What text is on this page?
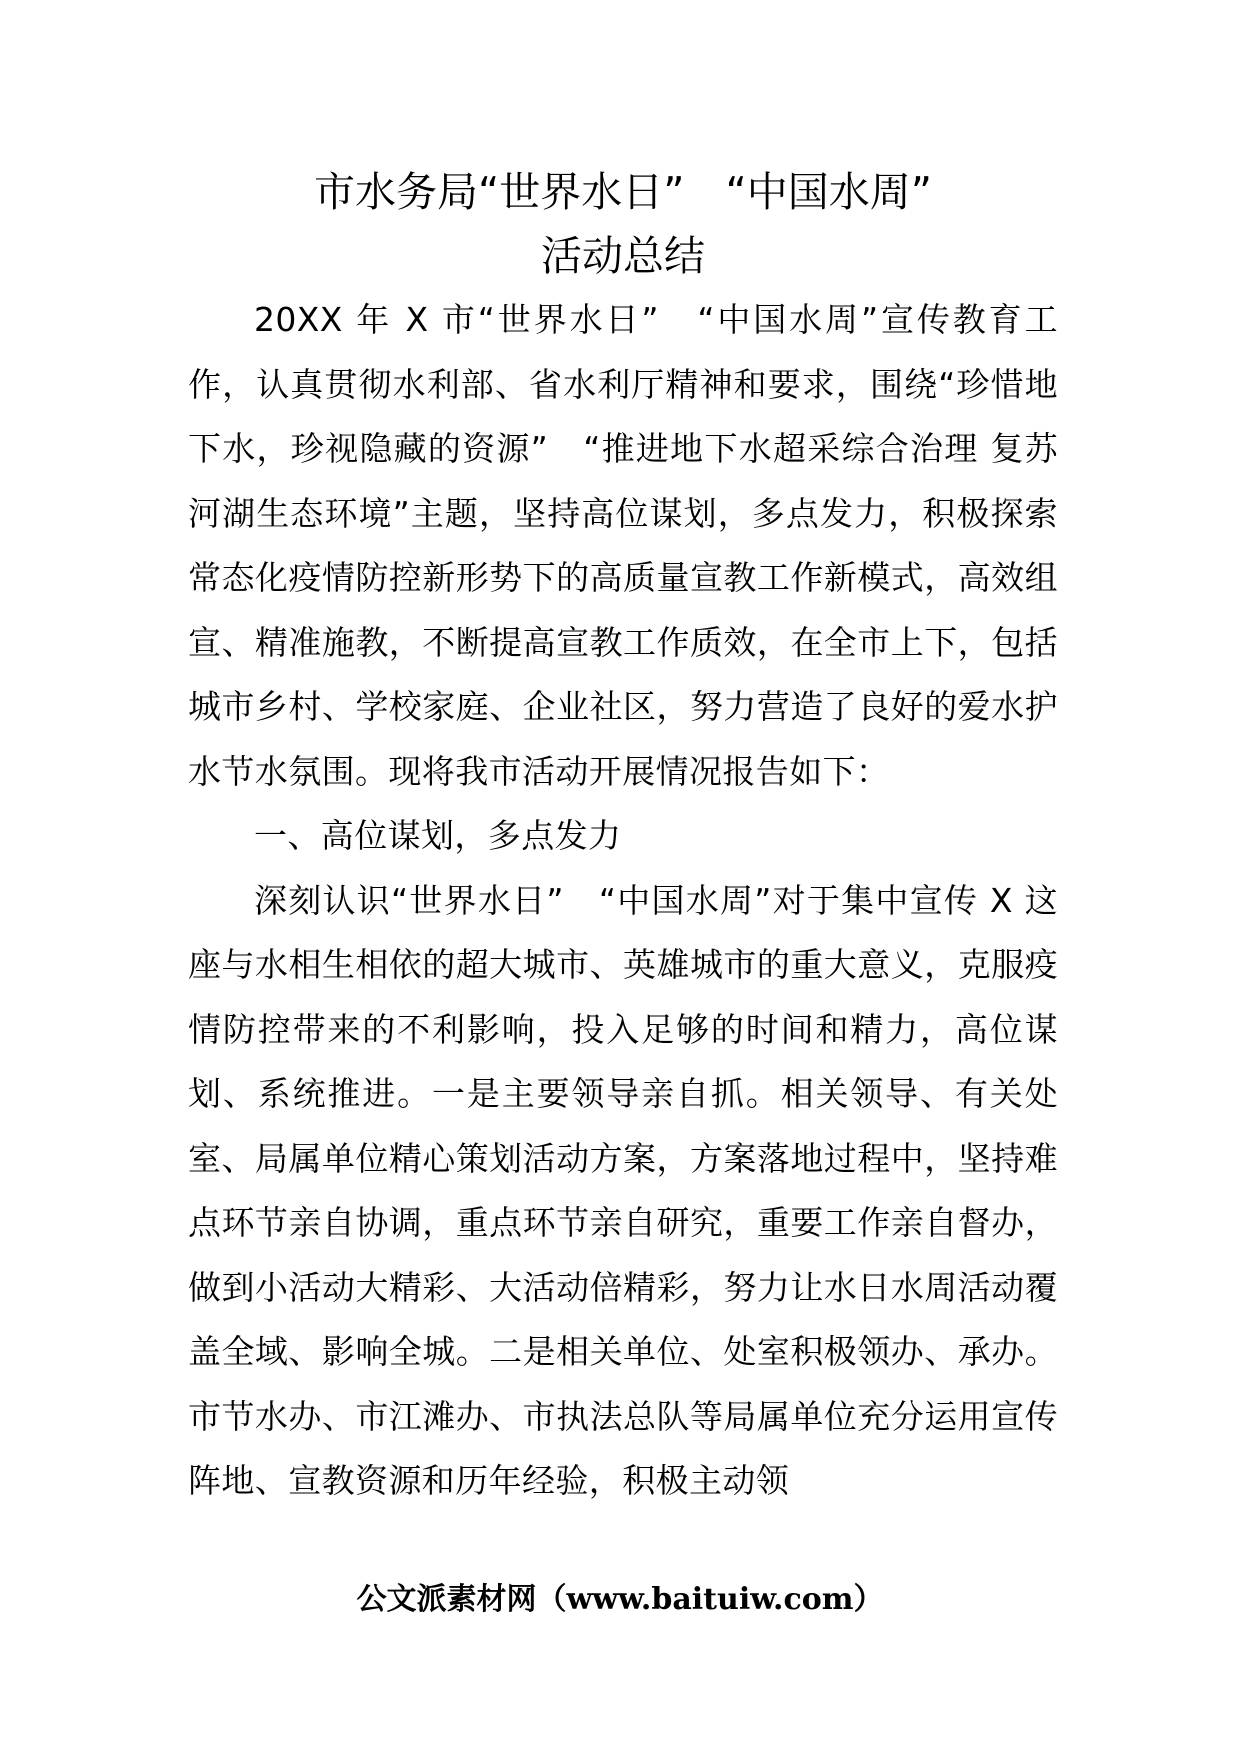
市水务局“世界水日”　“中国水周”
活动总结

20XX 年 X 市“世界水日”　“中国水周”宣传教育工作，认真贯彻水利部、省水利厅精神和要求，围绕“珍惜地下水，珍视隐藏的资源”　“推进地下水超采综合治理 复苏河湖生态环境”主题，坚持高位谋划，多点发力，积极探索常态化疫情防控新形势下的高质量宣教工作新模式，高效组宣、精准施教，不断提高宣教工作质效，在全市上下，包括城市乡村、学校家庭、企业社区，努力营造了良好的爱水护水节水氛围。现将我市活动开展情况报告如下：

一、高位谋划，多点发力

深刻认识“世界水日”　“中国水周”对于集中宣传 X 这座与水相生相依的超大城市、英雄城市的重大意义，克服疫情防控带来的不利影响，投入足够的时间和精力，高位谋划、系统推进。一是主要领导亲自抓。相关领导、有关处室、局属单位精心策划活动方案，方案落地过程中，坚持难点环节亲自协调，重点环节亲自研究，重要工作亲自督办，做到小活动大精彩、大活动倍精彩，努力让水日水周活动覆盖全域、影响全城。二是相关单位、处室积极领办、承办。市节水办、市江滩办、市执法总队等局属单位充分运用宣传阵地、宣教资源和历年经验，积极主动领

公文派素材网（www.baituiw.com）
